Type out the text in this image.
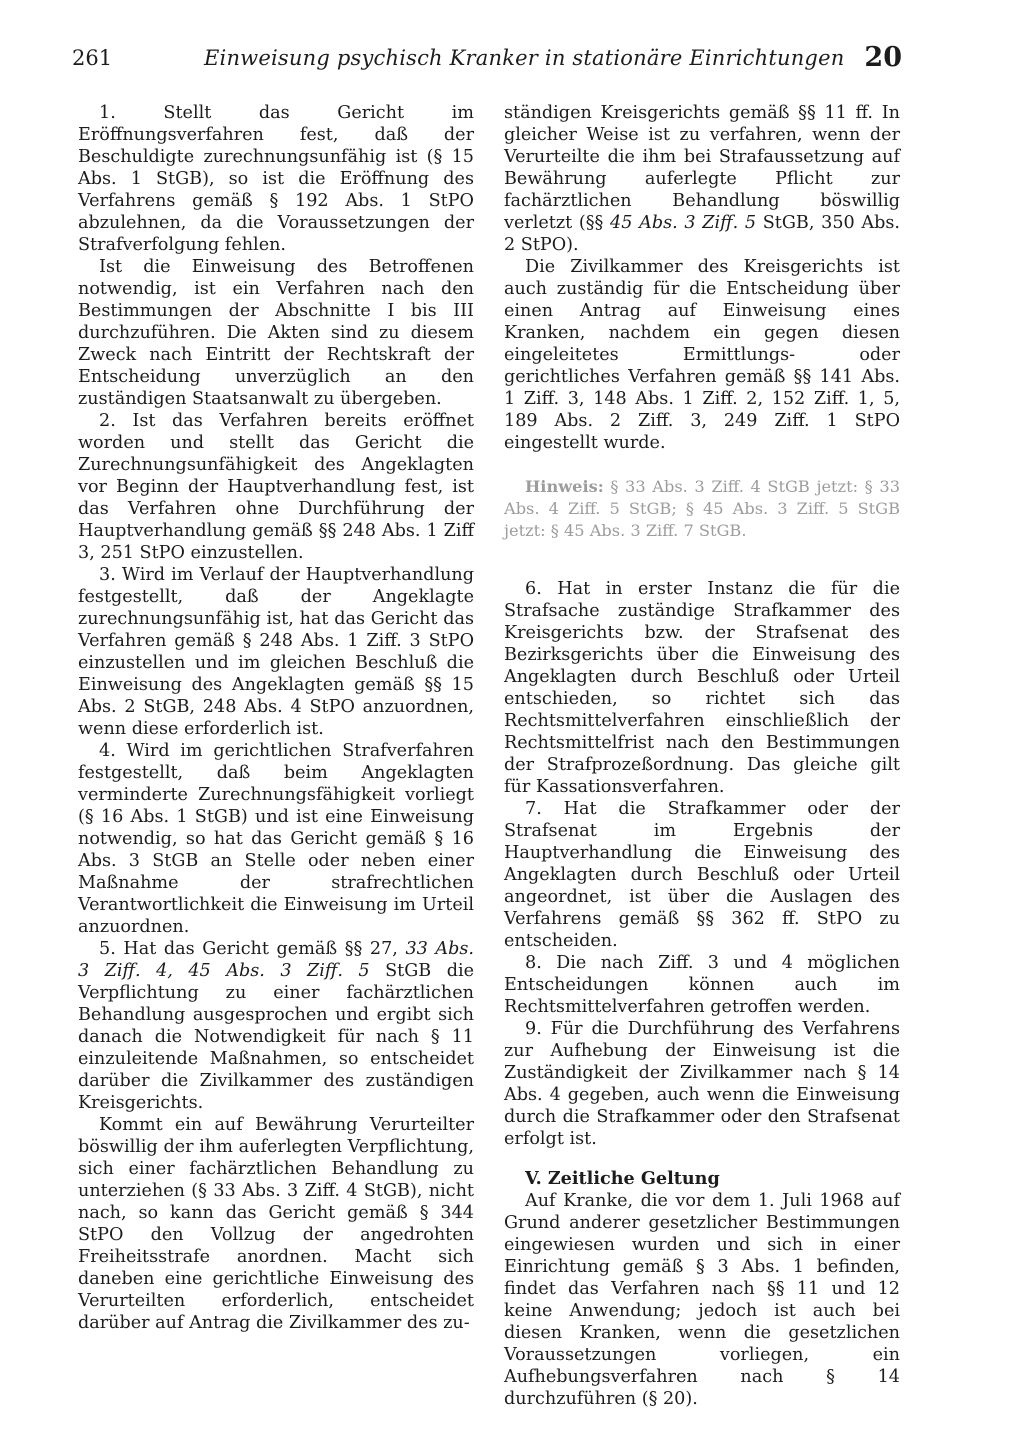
261	Einweisung psychisch Kranker in stationäre Einrichtungen 20

1. Stellt das Gericht im Eröffnungsverfahren fest, daß der Beschuldigte zurechnungsunfähig ist (§ 15 Abs. 1 StGB), so ist die Eröffnung des Verfahrens gemäß § 192 Abs. 1 StPO abzulehnen, da die Voraussetzungen der Strafverfolgung fehlen.

Ist die Einweisung des Betroffenen notwendig, ist ein Verfahren nach den Bestimmungen der Abschnitte I bis III durchzuführen. Die Akten sind zu diesem Zweck nach Eintritt der Rechtskraft der Entscheidung unverzüglich an den zuständigen Staatsanwalt zu übergeben.

2. Ist das Verfahren bereits eröffnet worden und stellt das Gericht die Zurechnungsunfähigkeit des Angeklagten vor Beginn der Hauptverhandlung fest, ist das Verfahren ohne Durchführung der Hauptverhandlung gemäß §§ 248 Abs. 1 Ziff 3, 251 StPO einzustellen.

3. Wird im Verlauf der Hauptverhandlung festgestellt, daß der Angeklagte zurechnungsunfähig ist, hat das Gericht das Verfahren gemäß § 248 Abs. 1 Ziff. 3 StPO einzustellen und im gleichen Beschluß die Einweisung des Angeklagten gemäß §§ 15 Abs. 2 StGB, 248 Abs. 4 StPO anzuordnen, wenn diese erforderlich ist.

4. Wird im gerichtlichen Strafverfahren festgestellt, daß beim Angeklagten verminderte Zurechnungsfähigkeit vorliegt (§ 16 Abs. 1 StGB) und ist eine Einweisung notwendig, so hat das Gericht gemäß § 16 Abs. 3 StGB an Stelle oder neben einer Maßnahme der strafrechtlichen Verantwortlichkeit die Einweisung im Urteil anzuordnen.

5. Hat das Gericht gemäß §§ 27, 33 Abs. 3 Ziff. 4, 45 Abs. 3 Ziff. 5 StGB die Verpflichtung zu einer fachärztlichen Behandlung ausgesprochen und ergibt sich danach die Notwendigkeit für nach § 11 einzuleitende Maßnahmen, so entscheidet darüber die Zivilkammer des zuständigen Kreisgerichts.

Kommt ein auf Bewährung Verurteilter böswillig der ihm auferlegten Verpflichtung, sich einer fachärztlichen Behandlung zu unterziehen (§ 33 Abs. 3 Ziff. 4 StGB), nicht nach, so kann das Gericht gemäß § 344 StPO den Vollzug der angedrohten Freiheitsstrafe anordnen. Macht sich daneben eine gerichtliche Einweisung des Verurteilten erforderlich, entscheidet darüber auf Antrag die Zivilkammer des zu-

ständigen Kreisgerichts gemäß §§ 11 ff. In gleicher Weise ist zu verfahren, wenn der Verurteilte die ihm bei Strafaussetzung auf Bewährung auferlegte Pflicht zur fachärztlichen Behandlung böswillig verletzt (§§ 45 Abs. 3 Ziff. 5 StGB, 350 Abs. 2 StPO).

Die Zivilkammer des Kreisgerichts ist auch zuständig für die Entscheidung über einen Antrag auf Einweisung eines Kranken, nachdem ein gegen diesen eingeleitetes Ermittlungs- oder gerichtliches Verfahren gemäß §§ 141 Abs. 1 Ziff. 3, 148 Abs. 1 Ziff. 2, 152 Ziff. 1, 5, 189 Abs. 2 Ziff. 3, 249 Ziff. 1 StPO eingestellt wurde.

Hinweis: § 33 Abs. 3 Ziff. 4 StGB jetzt: § 33 Abs. 4 Ziff. 5 StGB; § 45 Abs. 3 Ziff. 5 StGB jetzt: § 45 Abs. 3 Ziff. 7 StGB.

6. Hat in erster Instanz die für die Strafsache zuständige Strafkammer des Kreisgerichts bzw. der Strafsenat des Bezirksgerichts über die Einweisung des Angeklagten durch Beschluß oder Urteil entschieden, so richtet sich das Rechtsmittelverfahren einschließlich der Rechtsmittelfrist nach den Bestimmungen der Strafprozeßordnung. Das gleiche gilt für Kassationsverfahren.

7. Hat die Strafkammer oder der Strafsenat im Ergebnis der Hauptverhandlung die Einweisung des Angeklagten durch Beschluß oder Urteil angeordnet, ist über die Auslagen des Verfahrens gemäß §§ 362 ff. StPO zu entscheiden.

8. Die nach Ziff. 3 und 4 möglichen Entscheidungen können auch im Rechtsmittelverfahren getroffen werden.

9. Für die Durchführung des Verfahrens zur Aufhebung der Einweisung ist die Zuständigkeit der Zivilkammer nach § 14 Abs. 4 gegeben, auch wenn die Einweisung durch die Strafkammer oder den Strafsenat erfolgt ist.

V. Zeitliche Geltung

Auf Kranke, die vor dem 1. Juli 1968 auf Grund anderer gesetzlicher Bestimmungen eingewiesen wurden und sich in einer Einrichtung gemäß § 3 Abs. 1 befinden, findet das Verfahren nach §§ 11 und 12 keine Anwendung; jedoch ist auch bei diesen Kranken, wenn die gesetzlichen Voraussetzungen vorliegen, ein Aufhebungsverfahren nach § 14 durchzuführen (§ 20).
